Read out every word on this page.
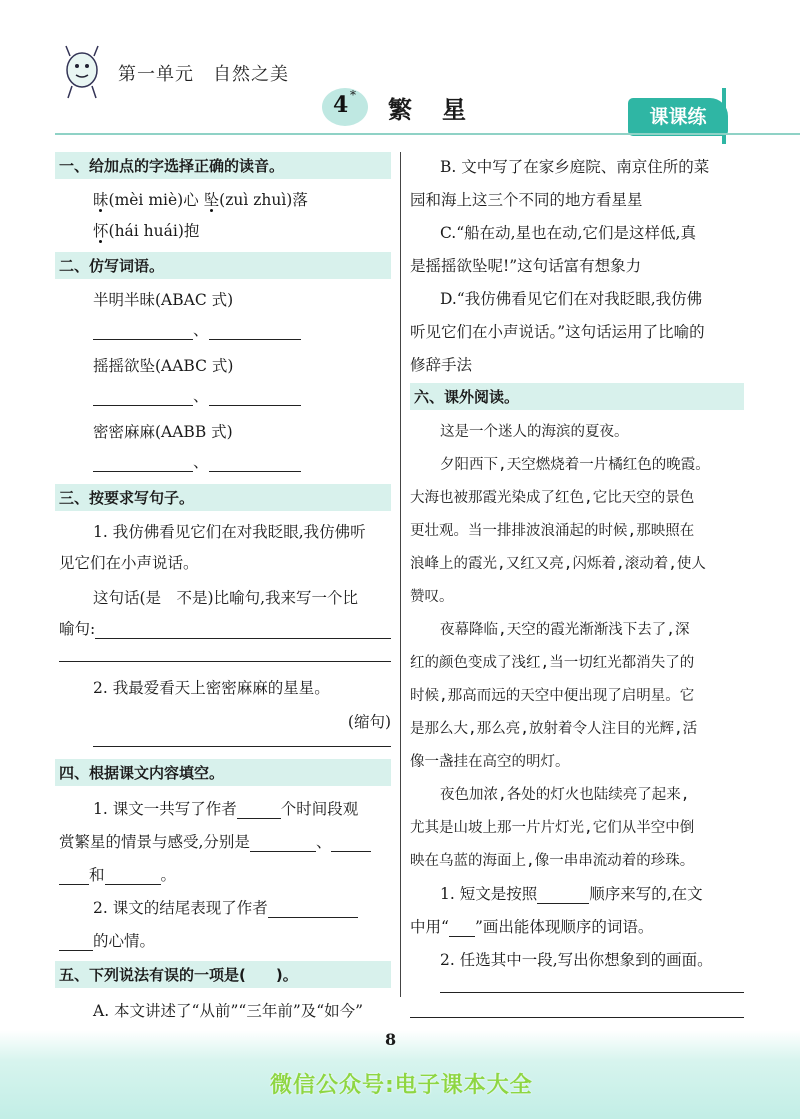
第一单元　自然之美
4 *
繁星	课课练
一、给加点的字选择正确的读音。
昧(mèi miè)心 坠(zuì zhuì)落
怀(hái huái)抱
二、仿写词语。
半明半昧(ABAC 式)
、
摇摇欲坠(AABC 式)
、
密密麻麻(AABB 式)
、
三、按要求写句子。
1. 我仿佛看见它们在对我眨眼,我仿佛听
见它们在小声说话。
这句话(是　不是)比喻句,我来写一个比
喻句:
2. 我最爱看天上密密麻麻的星星。
(缩句)
四、根据课文内容填空。
1. 课文一共写了作者	个时间段观
赏繁星的情景与感受,分别是	、
和	。
2. 课文的结尾表现了作者
的心情。
五、下列说法有误的一项是(　　)。
A. 本文讲述了“从前”“三年前”及“如今”
B. 文中写了在家乡庭院、南京住所的菜
园和海上这三个不同的地方看星星
C.“船在动,星也在动,它们是这样低,真
是摇摇欲坠呢!”这句话富有想象力
D.“我仿佛看见它们在对我眨眼,我仿佛
听见它们在小声说话。”这句话运用了比喻的
修辞手法
六、课外阅读。
这是一个迷人的海滨的夏夜。
夕阳西下,天空燃烧着一片橘红色的晚霞。
大海也被那霞光染成了红色,它比天空的景色
更壮观。当一排排波浪涌起的时候,那映照在
浪峰上的霞光,又红又亮,闪烁着,滚动着,使人
赞叹。
夜幕降临,天空的霞光渐渐浅下去了,深
红的颜色变成了浅红,当一切红光都消失了的
时候,那高而远的天空中便出现了启明星。它
是那么大,那么亮,放射着令人注目的光辉,活
像一盏挂在高空的明灯。
夜色加浓,各处的灯火也陆续亮了起来,
尤其是山坡上那一片片灯光,它们从半空中倒
映在乌蓝的海面上,像一串串流动着的珍珠。
1. 短文是按照	顺序来写的,在文
中用“ ”画出能体现顺序的词语。
2. 任选其中一段,写出你想象到的画面。
8
微信公众号:电子课本大全
